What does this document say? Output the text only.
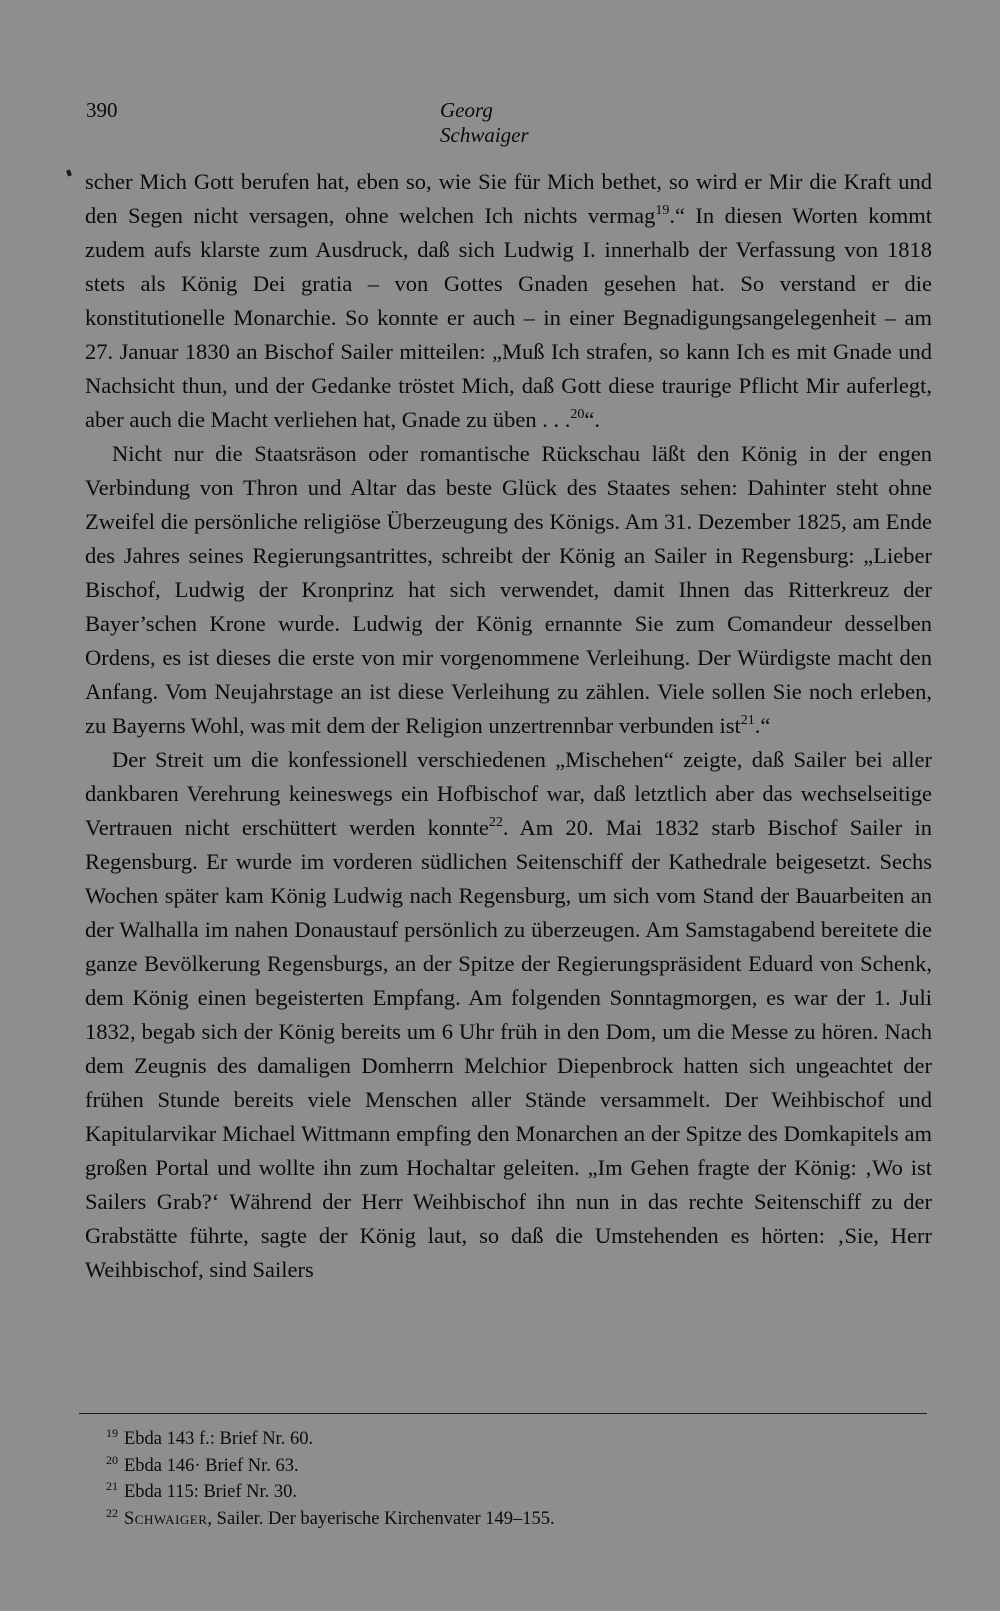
390	Georg Schwaiger

scher Mich Gott berufen hat, eben so, wie Sie für Mich bethet, so wird er Mir die Kraft und den Segen nicht versagen, ohne welchen Ich nichts vermag$^{19}$.“ In diesen Worten kommt zudem aufs klarste zum Ausdruck, daß sich Ludwig I. innerhalb der Verfassung von 1818 stets als König Dei gratia – von Gottes Gnaden gesehen hat. So verstand er die konstitutionelle Monarchie. So konnte er auch – in einer Begnadigungsangelegenheit – am 27. Januar 1830 an Bischof Sailer mitteilen: „Muß Ich strafen, so kann Ich es mit Gnade und Nachsicht thun, und der Gedanke tröstet Mich, daß Gott diese traurige Pflicht Mir auferlegt, aber auch die Macht verliehen hat, Gnade zu üben . . .$^{20}$“.

Nicht nur die Staatsräson oder romantische Rückschau läßt den König in der engen Verbindung von Thron und Altar das beste Glück des Staates sehen: Dahinter steht ohne Zweifel die persönliche religiöse Überzeugung des Königs. Am 31. Dezember 1825, am Ende des Jahres seines Regierungsantrittes, schreibt der König an Sailer in Regensburg: „Lieber Bischof, Ludwig der Kronprinz hat sich verwendet, damit Ihnen das Ritterkreuz der Bayer’schen Krone wurde. Ludwig der König ernannte Sie zum Comandeur desselben Ordens, es ist dieses die erste von mir vorgenommene Verleihung. Der Würdigste macht den Anfang. Vom Neujahrstage an ist diese Verleihung zu zählen. Viele sollen Sie noch erleben, zu Bayerns Wohl, was mit dem der Religion unzertrennbar verbunden ist$^{21}$.“

Der Streit um die konfessionell verschiedenen „Mischehen“ zeigte, daß Sailer bei aller dankbaren Verehrung keineswegs ein Hofbischof war, daß letztlich aber das wechselseitige Vertrauen nicht erschüttert werden konnte$^{22}$. Am 20. Mai 1832 starb Bischof Sailer in Regensburg. Er wurde im vorderen südlichen Seitenschiff der Kathedrale beigesetzt. Sechs Wochen später kam König Ludwig nach Regensburg, um sich vom Stand der Bauarbeiten an der Walhalla im nahen Donaustauf persönlich zu überzeugen. Am Samstagabend bereitete die ganze Bevölkerung Regensburgs, an der Spitze der Regierungspräsident Eduard von Schenk, dem König einen begeisterten Empfang. Am folgenden Sonntagmorgen, es war der 1. Juli 1832, begab sich der König bereits um 6 Uhr früh in den Dom, um die Messe zu hören. Nach dem Zeugnis des damaligen Domherrn Melchior Diepenbrock hatten sich ungeachtet der frühen Stunde bereits viele Menschen aller Stände versammelt. Der Weihbischof und Kapitularvikar Michael Wittmann empfing den Monarchen an der Spitze des Domkapitels am großen Portal und wollte ihn zum Hochaltar geleiten. „Im Gehen fragte der König: ‚Wo ist Sailers Grab?‘ Während der Herr Weihbischof ihn nun in das rechte Seitenschiff zu der Grabstätte führte, sagte der König laut, so daß die Umstehenden es hörten: ‚Sie, Herr Weihbischof, sind Sailers

$^{19}$ Ebda 143 f.: Brief Nr. 60.
$^{20}$ Ebda 146· Brief Nr. 63.
$^{21}$ Ebda 115: Brief Nr. 30.
$^{22}$ Schwaiger, Sailer. Der bayerische Kirchenvater 149–155.
